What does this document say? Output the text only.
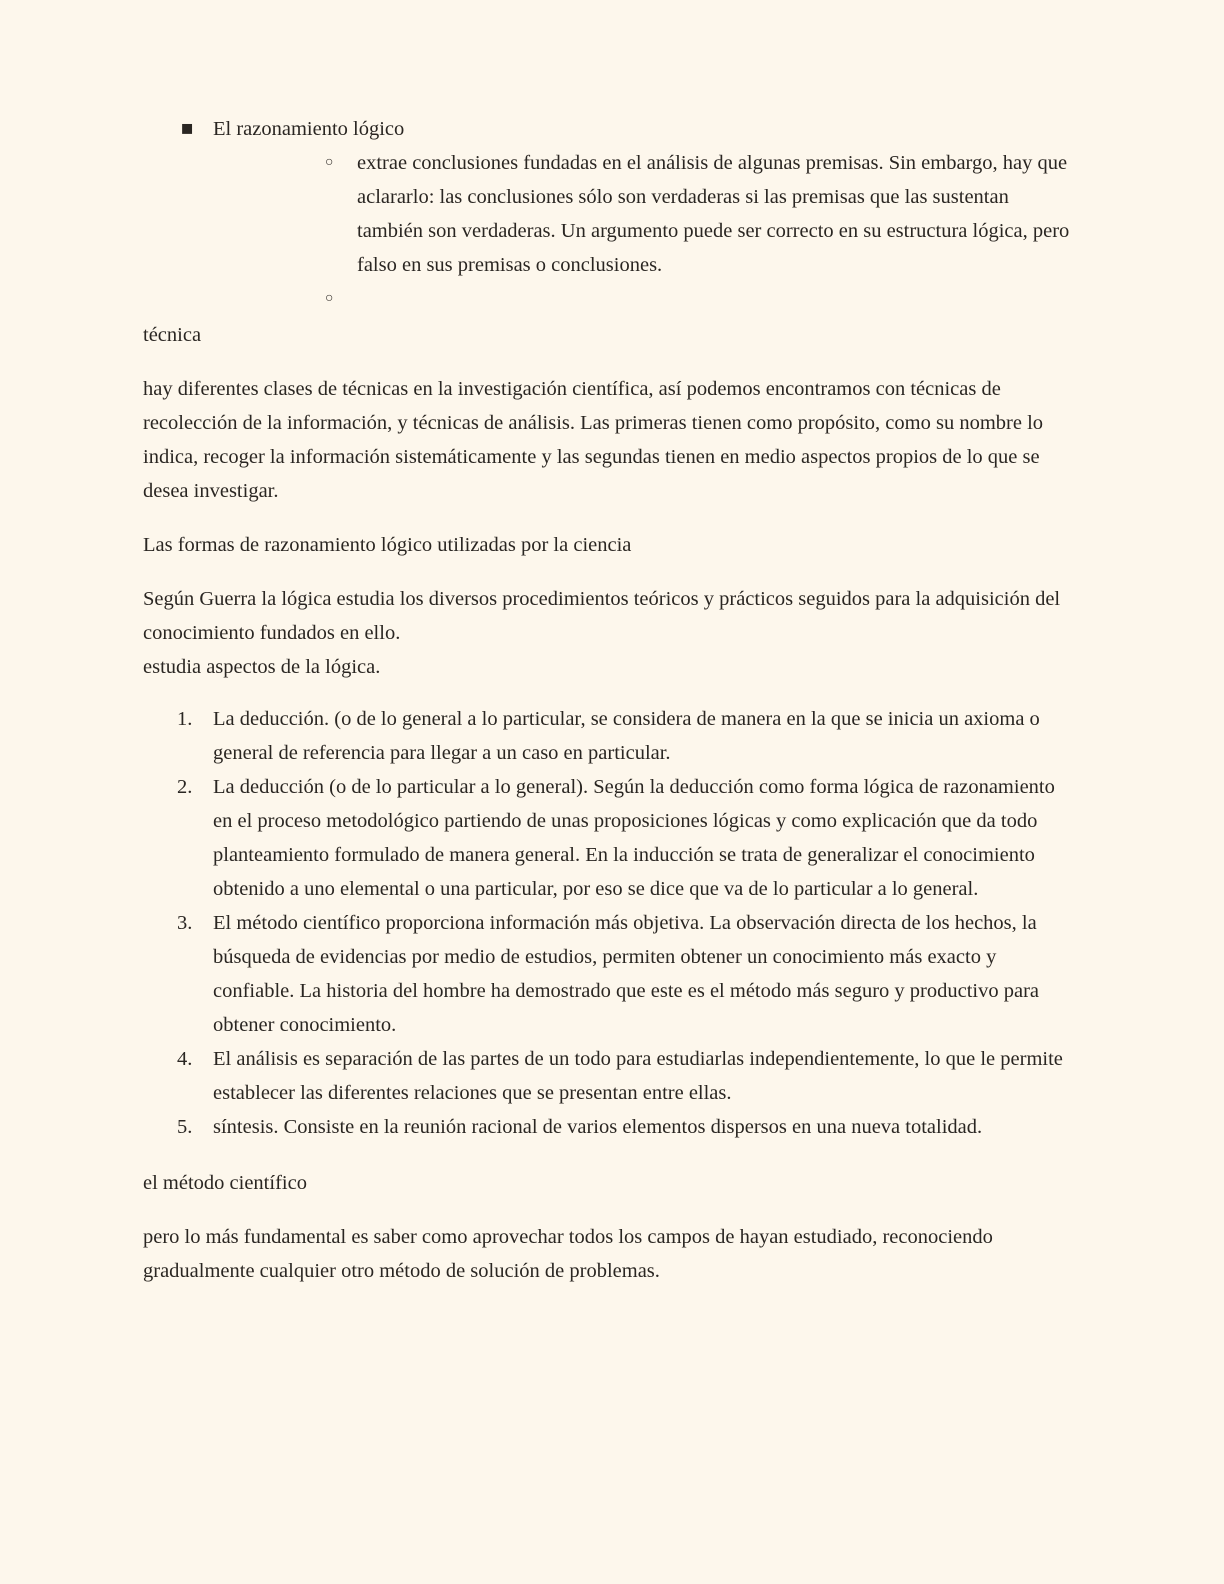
■ El razonamiento lógico
○ extrae conclusiones fundadas en el análisis de algunas premisas. Sin embargo, hay que aclararlo: las conclusiones sólo son verdaderas si las premisas que las sustentan también son verdaderas. Un argumento puede ser correcto en su estructura lógica, pero falso en sus premisas o conclusiones.
○

técnica

hay diferentes clases de técnicas en la investigación científica, así podemos encontramos con técnicas de recolección de la información, y técnicas de análisis. Las primeras tienen como propósito, como su nombre lo indica, recoger la información sistemáticamente y las segundas tienen en medio aspectos propios de lo que se desea investigar.

Las formas de razonamiento lógico utilizadas por la ciencia

Según Guerra la lógica estudia los diversos procedimientos teóricos y prácticos seguidos para la adquisición del conocimiento fundados en ello.

estudia aspectos de la lógica.

1. La deducción. (o de lo general a lo particular, se considera de manera en la que se inicia un axioma o general de referencia para llegar a un caso en particular.
2. La deducción (o de lo particular a lo general). Según la deducción como forma lógica de razonamiento en el proceso metodológico partiendo de unas proposiciones lógicas y como explicación que da todo planteamiento formulado de manera general. En la inducción se trata de generalizar el conocimiento obtenido a uno elemental o una particular, por eso se dice que va de lo particular a lo general.
3. El método científico proporciona información más objetiva. La observación directa de los hechos, la búsqueda de evidencias por medio de estudios, permiten obtener un conocimiento más exacto y confiable. La historia del hombre ha demostrado que este es el método más seguro y productivo para obtener conocimiento.
4. El análisis es separación de las partes de un todo para estudiarlas independientemente, lo que le permite establecer las diferentes relaciones que se presentan entre ellas.
5. síntesis. Consiste en la reunión racional de varios elementos dispersos en una nueva totalidad.

el método científico

pero lo más fundamental es saber como aprovechar todos los campos de hayan estudiado, reconociendo gradualmente cualquier otro método de solución de problemas.
